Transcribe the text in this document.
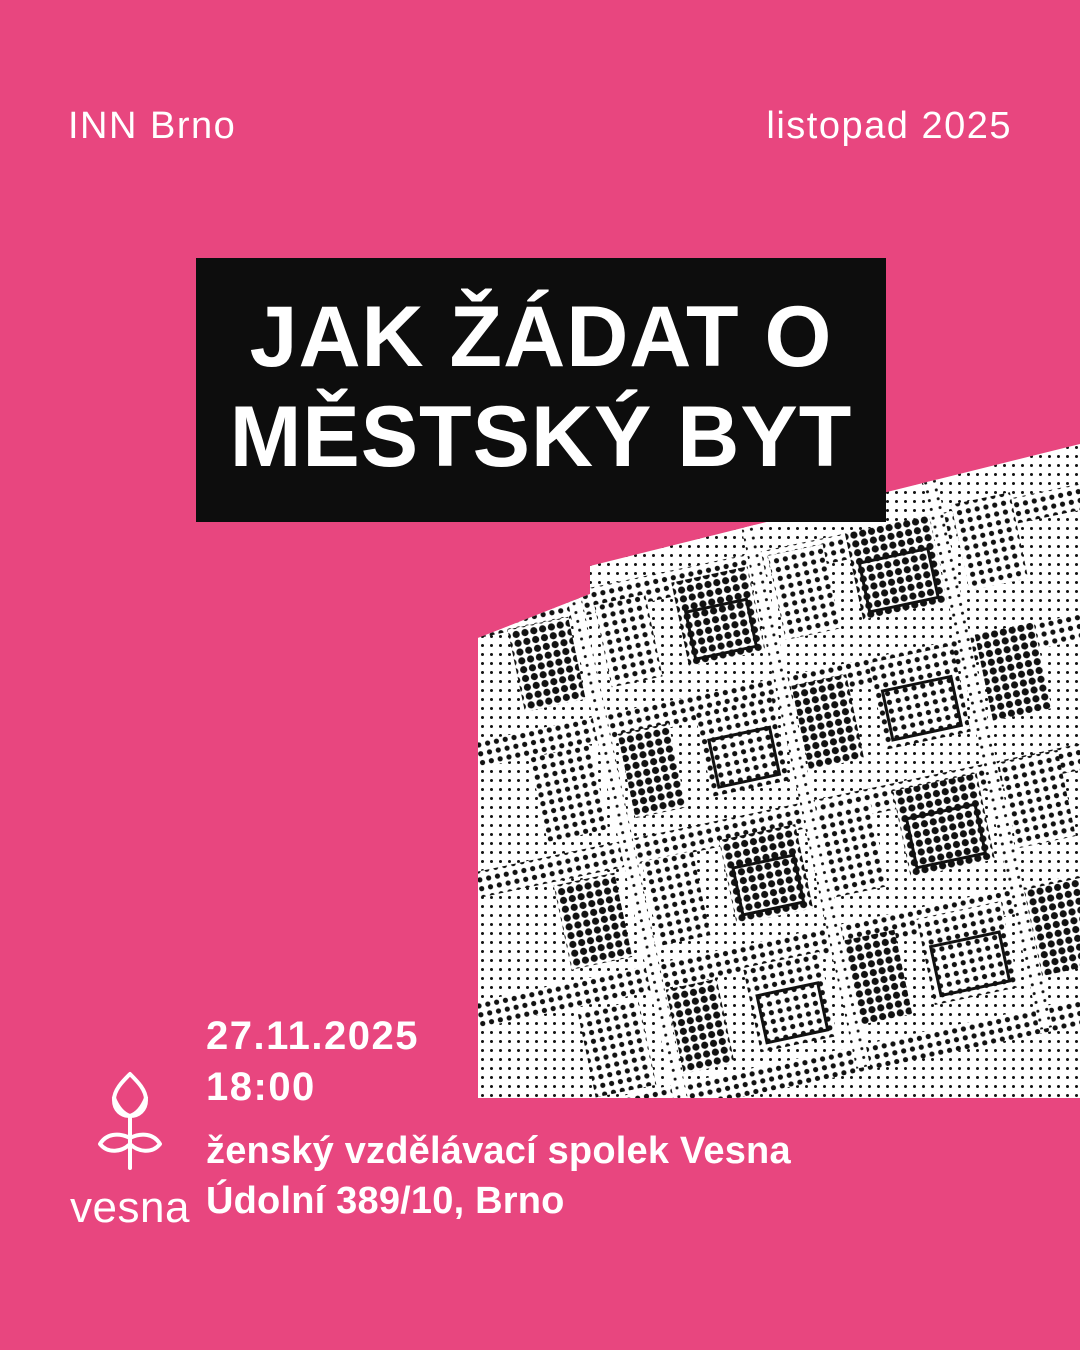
INN Brno	listopad 2025
JAK ŽÁDAT O
MĚSTSKÝ BYT
vesna
27.11.2025
18:00
ženský vzdělávací spolek Vesna
Údolní 389/10, Brno
